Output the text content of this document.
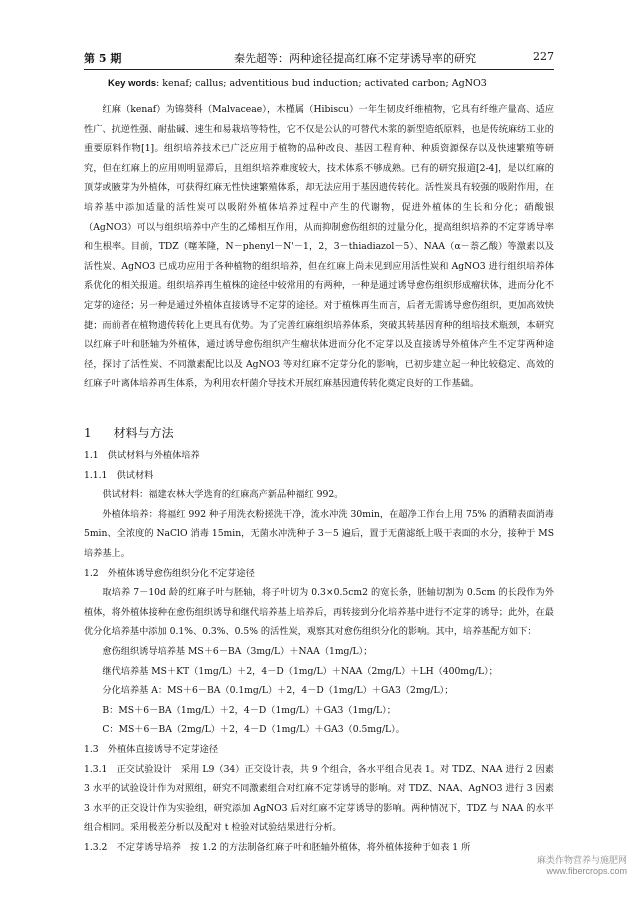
第 5 期	秦先超等：两种途径提高红麻不定芽诱导率的研究	227
Key words: kenaf; callus; adventitious bud induction; activated carbon; AgNO3

红麻（kenaf）为锦葵科（Malvaceae），木槿属（Hibiscu）一年生韧皮纤维植物，它具有纤维产量高、适应性广、抗逆性强、耐盐碱、速生和易栽培等特性，它不仅是公认的可替代木浆的新型造纸原料，也是传统麻纺工业的重要原料作物[1]。组织培养技术已广泛应用于植物的品种改良、基因工程育种、种质资源保存以及快速繁殖等研究，但在红麻上的应用则明显滞后，且组织培养难度较大，技术体系不够成熟。已有的研究报道[2-4]，是以红麻的顶芽或腋芽为外植体，可获得红麻无性快速繁殖体系，却无法应用于基因遗传转化。活性炭具有较强的吸附作用，在培养基中添加适量的活性炭可以吸附外植体培养过程中产生的代谢物，促进外植体的生长和分化；硝酸银（AgNO3）可以与组织培养中产生的乙烯相互作用，从而抑制愈伤组织的过量分化，提高组织培养的不定芽诱导率和生根率。目前，TDZ（噻苯隆，N－phenyl－N'－1，2，3－thiadiazol－5）、NAA（α－萘乙酸）等激素以及活性炭、AgNO3 已成功应用于各种植物的组织培养，但在红麻上尚未见到应用活性炭和 AgNO3 进行组织培养体系优化的相关报道。组织培养再生植株的途径中较常用的有两种，一种是通过诱导愈伤组织形成瘤状体，进而分化不定芽的途径；另一种是通过外植体直接诱导不定芽的途径。对于植株再生而言，后者无需诱导愈伤组织，更加高效快捷；而前者在植物遗传转化上更具有优势。为了完善红麻组织培养体系，突破其转基因育种的组培技术瓶颈，本研究以红麻子叶和胚轴为外植体，通过诱导愈伤组织产生瘤状体进而分化不定芽以及直接诱导外植体产生不定芽两种途径，探讨了活性炭、不同激素配比以及 AgNO3 等对红麻不定芽分化的影响，已初步建立起一种比较稳定、高效的红麻子叶离体培养再生体系，为利用农杆菌介导技术开展红麻基因遗传转化奠定良好的工作基础。

1 材料与方法

1.1　供试材料与外植体培养

1.1.1　供试材料

供试材料：福建农林大学选育的红麻高产新品种福红 992。

外植体培养：将福红 992 种子用洗衣粉搓洗干净，流水冲洗 30min，在超净工作台上用 75% 的酒精表面消毒 5min、全浓度的 NaClO 消毒 15min，无菌水冲洗种子 3－5 遍后，置于无菌滤纸上吸干表面的水分，接种于 MS 培养基上。

1.2　外植体诱导愈伤组织分化不定芽途径

取培养 7－10d 龄的红麻子叶与胚轴，将子叶切为 0.3×0.5cm2 的宽长条，胚轴切割为 0.5cm 的长段作为外植体，将外植体接种在愈伤组织诱导和继代培养基上培养后，再转接到分化培养基中进行不定芽的诱导；此外，在最优分化培养基中添加 0.1%、0.3%、0.5% 的活性炭，观察其对愈伤组织分化的影响。其中，培养基配方如下：

愈伤组织诱导培养基 MS＋6－BA（3mg/L）＋NAA（1mg/L）；

继代培养基 MS＋KT（1mg/L）＋2，4－D（1mg/L）＋NAA（2mg/L）＋LH（400mg/L）；

分化培养基 A：MS＋6－BA（0.1mg/L）＋2，4－D（1mg/L）＋GA3（2mg/L）；

B：MS＋6－BA（1mg/L）＋2，4－D（1mg/L）＋GA3（1mg/L）；

C：MS＋6－BA（2mg/L）＋2，4－D（1mg/L）＋GA3（0.5mg/L）。

1.3　外植体直接诱导不定芽途径

1.3.1　正交试验设计　采用 L9（34）正交设计表，共 9 个组合，各水平组合见表 1。对 TDZ、NAA 进行 2 因素 3 水平的试验设计作为对照组，研究不同激素组合对红麻不定芽诱导的影响。对 TDZ、NAA、AgNO3 进行 3 因素 3 水平的正交设计作为实验组，研究添加 AgNO3 后对红麻不定芽诱导的影响。两种情况下，TDZ 与 NAA 的水平组合相同。采用极差分析以及配对 t 检验对试验结果进行分析。

1.3.2　不定芽诱导培养　按 1.2 的方法制备红麻子叶和胚轴外植体，将外植体接种于如表 1 所

麻类作物营养与施肥网
www.fibercrops.com
